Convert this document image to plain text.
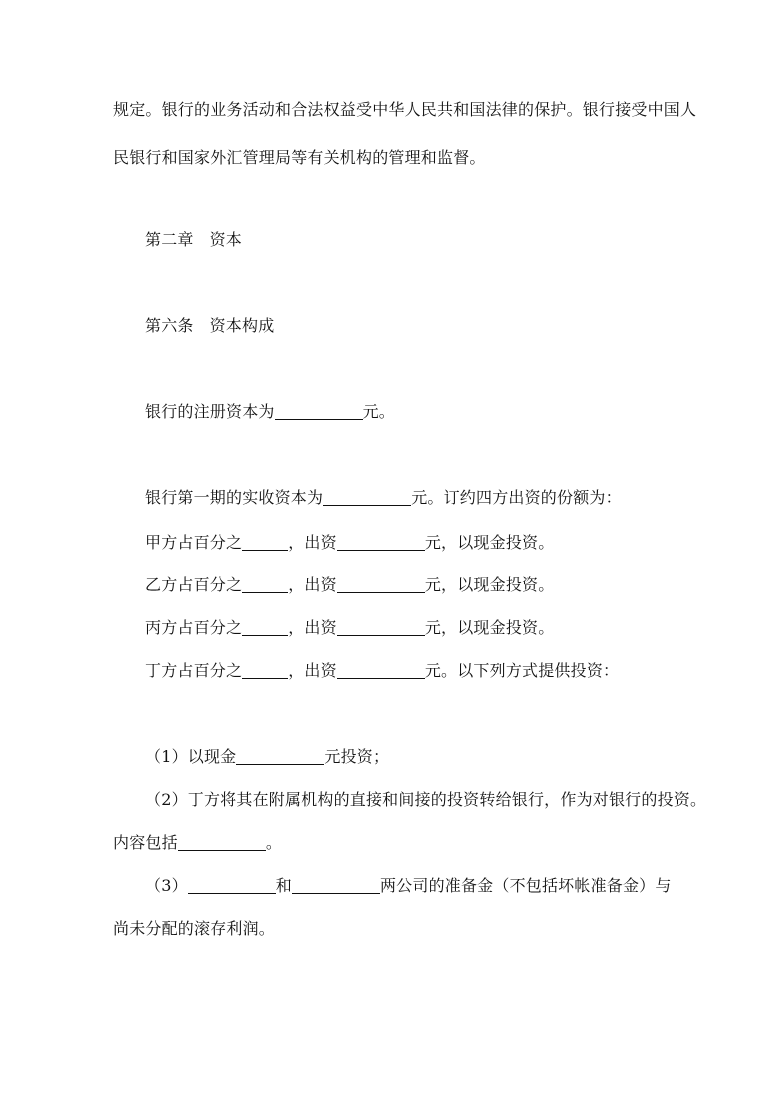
规定。银行的业务活动和合法权益受中华人民共和国法律的保护。银行接受中国人
民银行和国家外汇管理局等有关机构的管理和监督。
第二章 资本
第六条 资本构成
银行的注册资本为	元。
银行第一期的实收资本为	元。订约四方出资的份额为：
甲方占百分之	，出资	元，以现金投资。
乙方占百分之	，出资	元，以现金投资。
丙方占百分之	，出资	元，以现金投资。
丁方占百分之	，出资	元。以下列方式提供投资：
（1）以现金	元投资；
（2）丁方将其在附属机构的直接和间接的投资转给银行，作为对银行的投资。
内容包括	。
（3）	和	两公司的准备金（不包括坏帐准备金）与
尚未分配的滚存利润。
